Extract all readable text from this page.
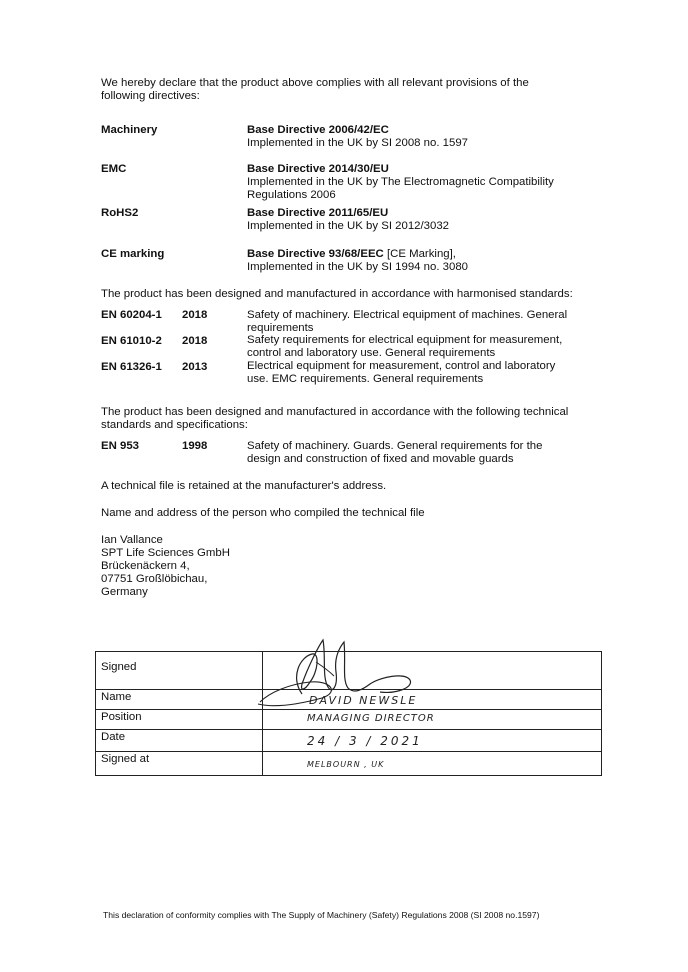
We hereby declare that the product above complies with all relevant provisions of the
following directives:
Machinery	Base Directive 2006/42/EC
Implemented in the UK by SI 2008 no. 1597
EMC	Base Directive 2014/30/EU
Implemented in the UK by The Electromagnetic Compatibility
Regulations 2006
RoHS2	Base Directive 2011/65/EU
Implemented in the UK by SI 2012/3032
CE marking	Base Directive 93/68/EEC [CE Marking],
Implemented in the UK by SI 1994 no. 3080
The product has been designed and manufactured in accordance with harmonised standards:
EN 60204-1 2018	Safety of machinery. Electrical equipment of machines. General
requirements
EN 61010-2 2018	Safety requirements for electrical equipment for measurement,
control and laboratory use. General requirements
EN 61326-1 2013	Electrical equipment for measurement, control and laboratory
use. EMC requirements. General requirements
The product has been designed and manufactured in accordance with the following technical
standards and specifications:
EN 953	1998	Safety of machinery. Guards. General requirements for the
design and construction of fixed and movable guards
A technical file is retained at the manufacturer's address.
Name and address of the person who compiled the technical file
Ian Vallance
SPT Life Sciences GmbH
Brückenäckern 4,
07751 Großlöbichau,
Germany
Signed	
Name	DAVID NEWSLE

Position	MANAGING DIRECTOR

Date	24 / 3 / 2021

Signed at	MELBOURN , UK
This declaration of conformity complies with The Supply of Machinery (Safety) Regulations 2008 (SI 2008 no.1597)
